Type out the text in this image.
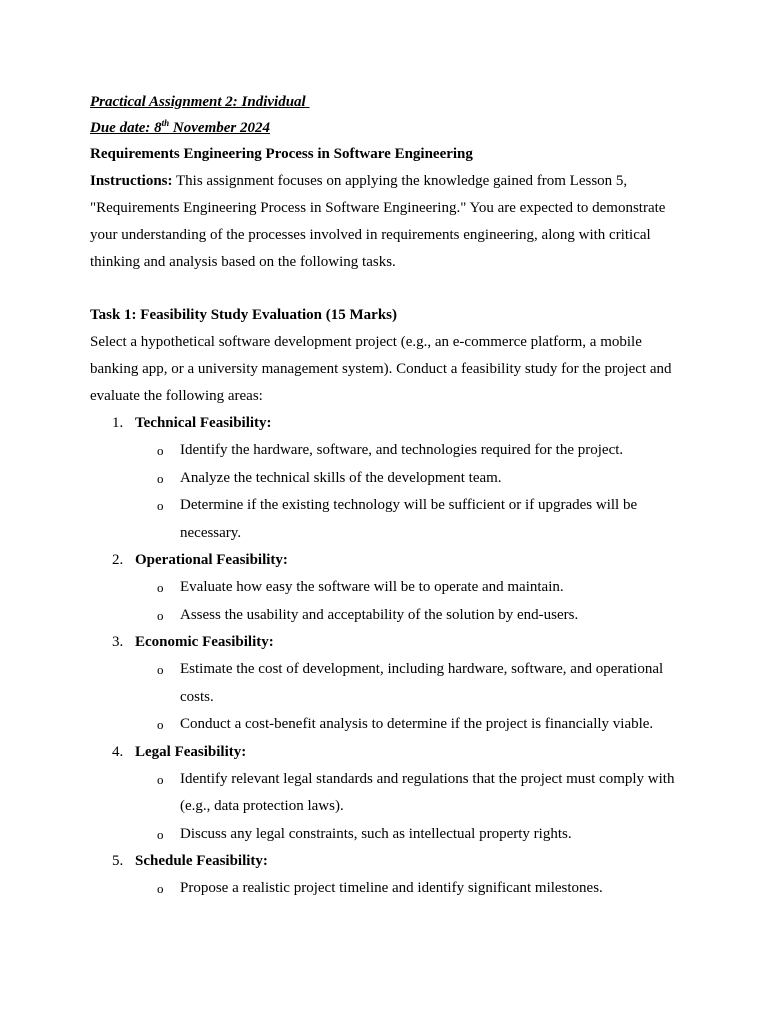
Practical Assignment 2: Individual

Due date: 8th November 2024

Requirements Engineering Process in Software Engineering

Instructions: This assignment focuses on applying the knowledge gained from Lesson 5, "Requirements Engineering Process in Software Engineering." You are expected to demonstrate your understanding of the processes involved in requirements engineering, along with critical thinking and analysis based on the following tasks.

Task 1: Feasibility Study Evaluation (15 Marks)

Select a hypothetical software development project (e.g., an e-commerce platform, a mobile banking app, or a university management system). Conduct a feasibility study for the project and evaluate the following areas:

1. Technical Feasibility:
o Identify the hardware, software, and technologies required for the project.
o Analyze the technical skills of the development team.
o Determine if the existing technology will be sufficient or if upgrades will be necessary.
2. Operational Feasibility:
o Evaluate how easy the software will be to operate and maintain.
o Assess the usability and acceptability of the solution by end-users.
3. Economic Feasibility:
o Estimate the cost of development, including hardware, software, and operational costs.
o Conduct a cost-benefit analysis to determine if the project is financially viable.
4. Legal Feasibility:
o Identify relevant legal standards and regulations that the project must comply with (e.g., data protection laws).
o Discuss any legal constraints, such as intellectual property rights.
5. Schedule Feasibility:
o Propose a realistic project timeline and identify significant milestones.
